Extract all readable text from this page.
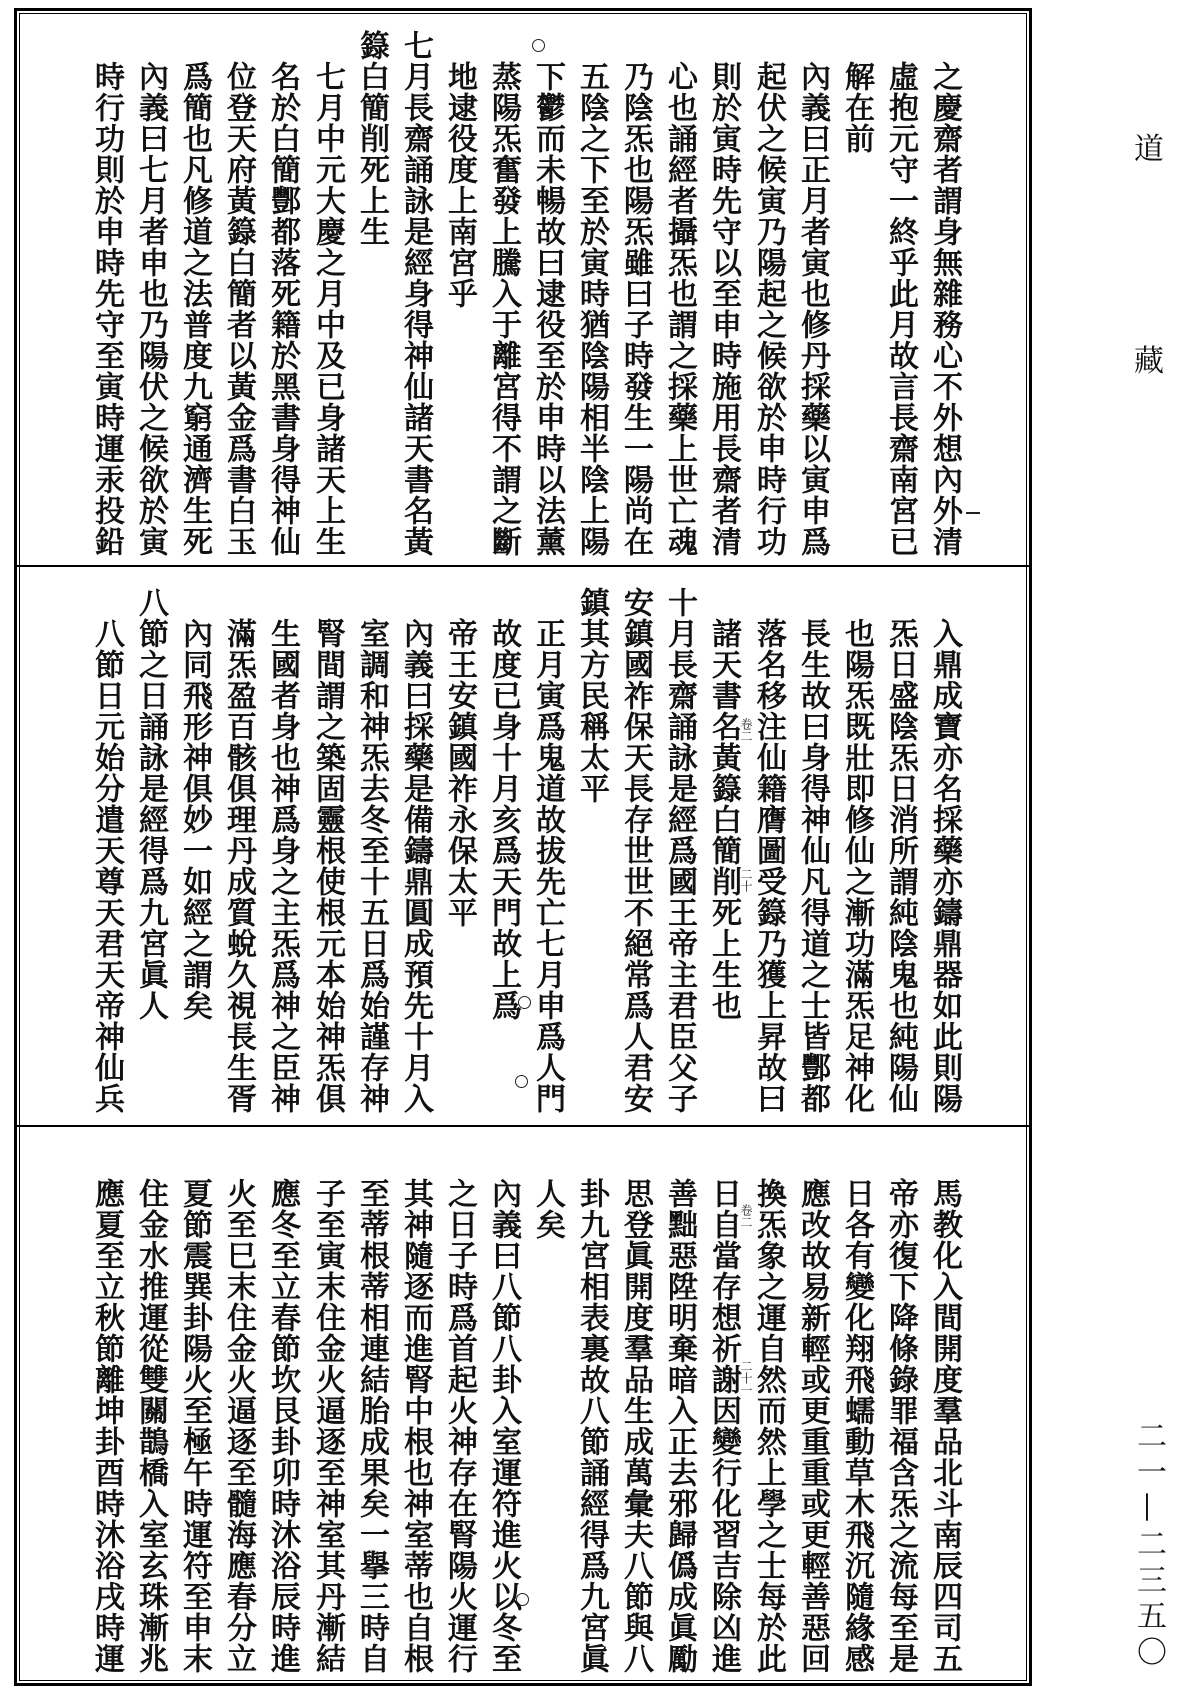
之慶齋者謂身無雜務心不外想內外清
虛抱元守一終乎此月故言長齋南宮已
解在前
內義曰正月者寅也修丹採藥以寅申爲
起伏之候寅乃陽起之候欲於申時行功
則於寅時先守以至申時施用長齋者清
心也誦經者攝炁也謂之採藥上世亡魂
乃陰炁也陽炁雖曰子時發生一陽尚在
五陰之下至於寅時猶陰陽相半陰上陽
下鬱而未暢故曰逮役至於申時以法薰
蒸陽炁奮發上騰入于離宮得不謂之斷
地逮役度上南宮乎
七月長齋誦詠是經身得神仙諸天書名黃
籙白簡削死上生
七月中元大慶之月中及已身諸天上生
名於白簡酆都落死籍於黑書身得神仙
位登天府黃籙白簡者以黃金爲書白玉
爲簡也凡修道之法普度九窮通濟生死
內義曰七月者申也乃陽伏之候欲於寅
時行功則於申時先守至寅時運汞投鉛
入鼎成寶亦名採藥亦鑄鼎器如此則陽
炁日盛陰炁日消所謂純陰鬼也純陽仙
也陽炁既壯即修仙之漸功滿炁足神化
長生故曰身得神仙凡得道之士皆酆都
落名移注仙籍膺圖受籙乃獲上昇故曰
諸天書名黃籙白簡削死上生也
十月長齋誦詠是經爲國王帝主君臣父子
安鎮國祚保天長存世世不絕常爲人君安
鎮其方民稱太平
正月寅爲鬼道故拔先亡七月申爲人門
故度已身十月亥爲天門故上爲
帝王安鎮國祚永保太平
內義曰採藥是備鑄鼎圓成預先十月入
室調和神炁去冬至十五日爲始謹存神
腎間謂之築固靈根使根元本始神炁俱
生國者身也神爲身之主炁爲神之臣神
滿炁盈百骸俱理丹成質蛻久視長生胥
內同飛形神俱妙一如經之謂矣
八節之日誦詠是經得爲九宮眞人
八節日元始分遣天尊天君天帝神仙兵	卷二
二十
馬教化入間開度羣品北斗南辰四司五
帝亦復下降條錄罪福含炁之流每至是
日各有變化翔飛蠕動草木飛沉隨緣感
應改故易新輕或更重重或更輕善惡回
換炁象之運自然而然上學之士每於此
日自當存想祈謝因變行化習吉除凶進
善黜惡陞明棄暗入正去邪歸僞成眞勵
思登眞開度羣品生成萬彙夫八節與八
卦九宮相表裏故八節誦經得爲九宮眞
人矣
內義曰八節八卦入室運符進火以冬至
之日子時爲首起火神存在腎陽火運行
其神隨逐而進腎中根也神室蒂也自根
至蒂根蒂相連結胎成果矣一擧三時自
子至寅末住金火逼逐至神室其丹漸結
應冬至立春節坎艮卦卯時沐浴辰時進
火至巳末住金火逼逐至髓海應春分立
夏節震巽卦陽火至極午時運符至申末
住金水推運從雙關鵲橋入室玄珠漸兆
應夏至立秋節離坤卦酉時沐浴戌時運	卷二
二十一
道
藏
二一—二三五〇
